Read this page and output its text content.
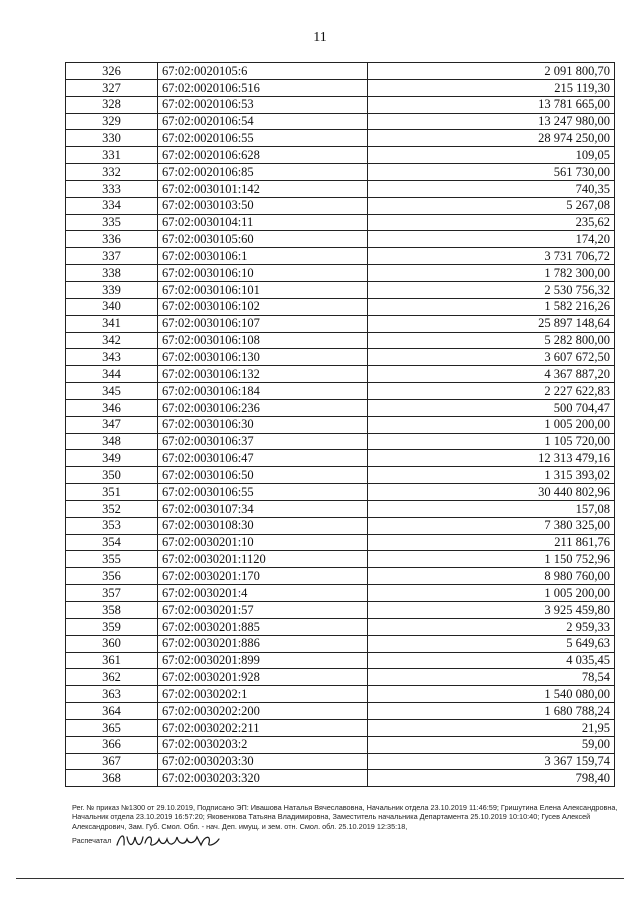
11
326	67:02:0020105:6	2 091 800,70
327	67:02:0020106:516	215 119,30
328	67:02:0020106:53	13 781 665,00
329	67:02:0020106:54	13 247 980,00
330	67:02:0020106:55	28 974 250,00
331	67:02:0020106:628	109,05
332	67:02:0020106:85	561 730,00
333	67:02:0030101:142	740,35
334	67:02:0030103:50	5 267,08
335	67:02:0030104:11	235,62
336	67:02:0030105:60	174,20
337	67:02:0030106:1	3 731 706,72
338	67:02:0030106:10	1 782 300,00
339	67:02:0030106:101	2 530 756,32
340	67:02:0030106:102	1 582 216,26
341	67:02:0030106:107	25 897 148,64
342	67:02:0030106:108	5 282 800,00
343	67:02:0030106:130	3 607 672,50
344	67:02:0030106:132	4 367 887,20
345	67:02:0030106:184	2 227 622,83
346	67:02:0030106:236	500 704,47
347	67:02:0030106:30	1 005 200,00
348	67:02:0030106:37	1 105 720,00
349	67:02:0030106:47	12 313 479,16
350	67:02:0030106:50	1 315 393,02
351	67:02:0030106:55	30 440 802,96
352	67:02:0030107:34	157,08
353	67:02:0030108:30	7 380 325,00
354	67:02:0030201:10	211 861,76
355	67:02:0030201:1120	1 150 752,96
356	67:02:0030201:170	8 980 760,00
357	67:02:0030201:4	1 005 200,00
358	67:02:0030201:57	3 925 459,80
359	67:02:0030201:885	2 959,33
360	67:02:0030201:886	5 649,63
361	67:02:0030201:899	4 035,45
362	67:02:0030201:928	78,54
363	67:02:0030202:1	1 540 080,00
364	67:02:0030202:200	1 680 788,24
365	67:02:0030202:211	21,95
366	67:02:0030203:2	59,00
367	67:02:0030203:30	3 367 159,74
368	67:02:0030203:320	798,40
Рег. № приказ №1300 от 29.10.2019, Подписано ЭП: Ивашова Наталья Вячеславовна, Начальник отдела 23.10.2019 11:46:59; Гришутина Елена Александровна, Начальник отдела 23.10.2019 16:57:20; Яковенкова Татьяна Владимировна, Заместитель начальника Департамента 25.10.2019 10:10:40; Гусев Алексей Александрович, Зам. Губ. Смол. Обл. - нач. Деп. имущ. и зем. отн. Смол. обл. 25.10.2019 12:35:18,
Распечатал
